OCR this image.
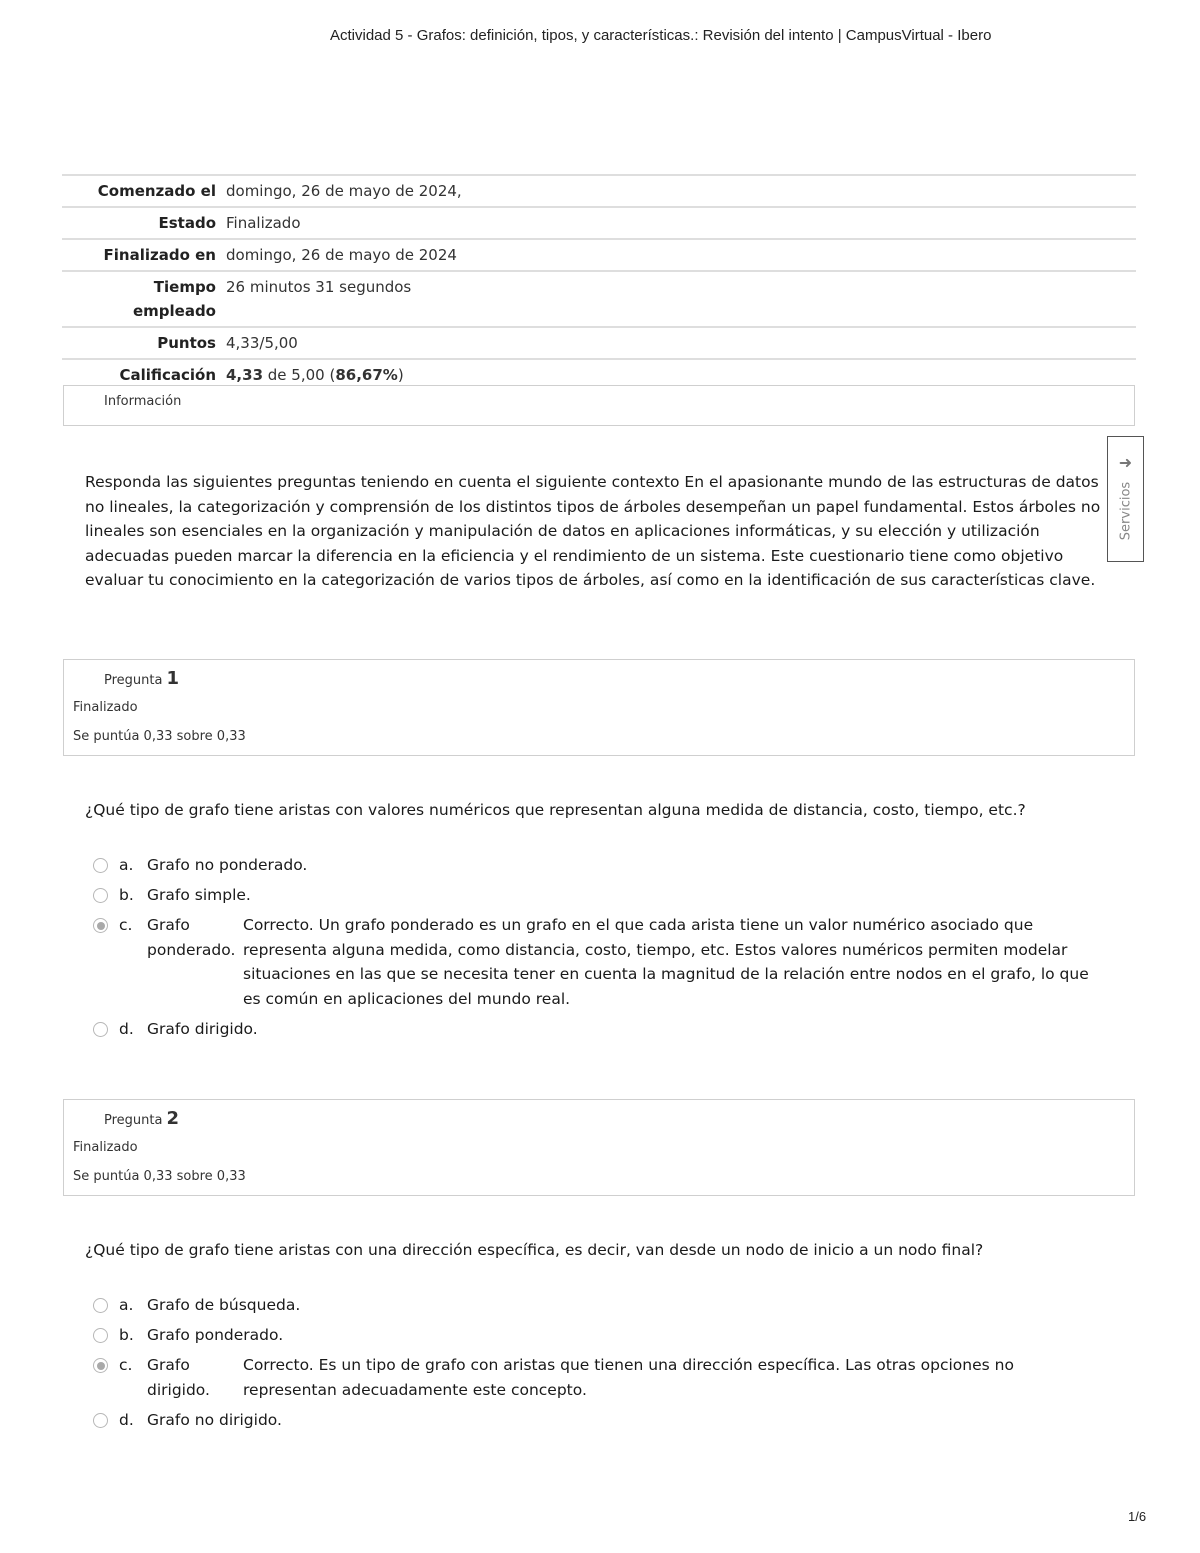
Actividad 5 - Grafos: definición, tipos, y características.: Revisión del intento | CampusVirtual - Ibero
Comenzado el	domingo, 26 de mayo de 2024,
Estado	Finalizado
Finalizado en	domingo, 26 de mayo de 2024
Tiempo empleado	26 minutos 31 segundos
Puntos	4,33/5,00
Calificación	4,33 de 5,00 (86,67%)
Información
Responda las siguientes preguntas teniendo en cuenta el siguiente contexto En el apasionante mundo de las estructuras de datos no lineales, la categorización y comprensión de los distintos tipos de árboles desempeñan un papel fundamental. Estos árboles no lineales son esenciales en la organización y manipulación de datos en aplicaciones informáticas, y su elección y utilización adecuadas pueden marcar la diferencia en la eficiencia y el rendimiento de un sistema. Este cuestionario tiene como objetivo evaluar tu conocimiento en la categorización de varios tipos de árboles, así como en la identificación de sus características clave.
➜
Servicios
Pregunta 1
Finalizado
Se puntúa 0,33 sobre 0,33
¿Qué tipo de grafo tiene aristas con valores numéricos que representan alguna medida de distancia, costo, tiempo, etc.?
a. Grafo no ponderado.
b. Grafo simple.
c. Grafo ponderado.
Correcto. Un grafo ponderado es un grafo en el que cada arista tiene un valor numérico asociado que representa alguna medida, como distancia, costo, tiempo, etc. Estos valores numéricos permiten modelar situaciones en las que se necesita tener en cuenta la magnitud de la relación entre nodos en el grafo, lo que es común en aplicaciones del mundo real.
d. Grafo dirigido.
Pregunta 2
Finalizado
Se puntúa 0,33 sobre 0,33
¿Qué tipo de grafo tiene aristas con una dirección específica, es decir, van desde un nodo de inicio a un nodo final?
a. Grafo de búsqueda.
b. Grafo ponderado.
c. Grafo dirigido.
Correcto. Es un tipo de grafo con aristas que tienen una dirección específica. Las otras opciones no representan adecuadamente este concepto.
d. Grafo no dirigido.
1/6
